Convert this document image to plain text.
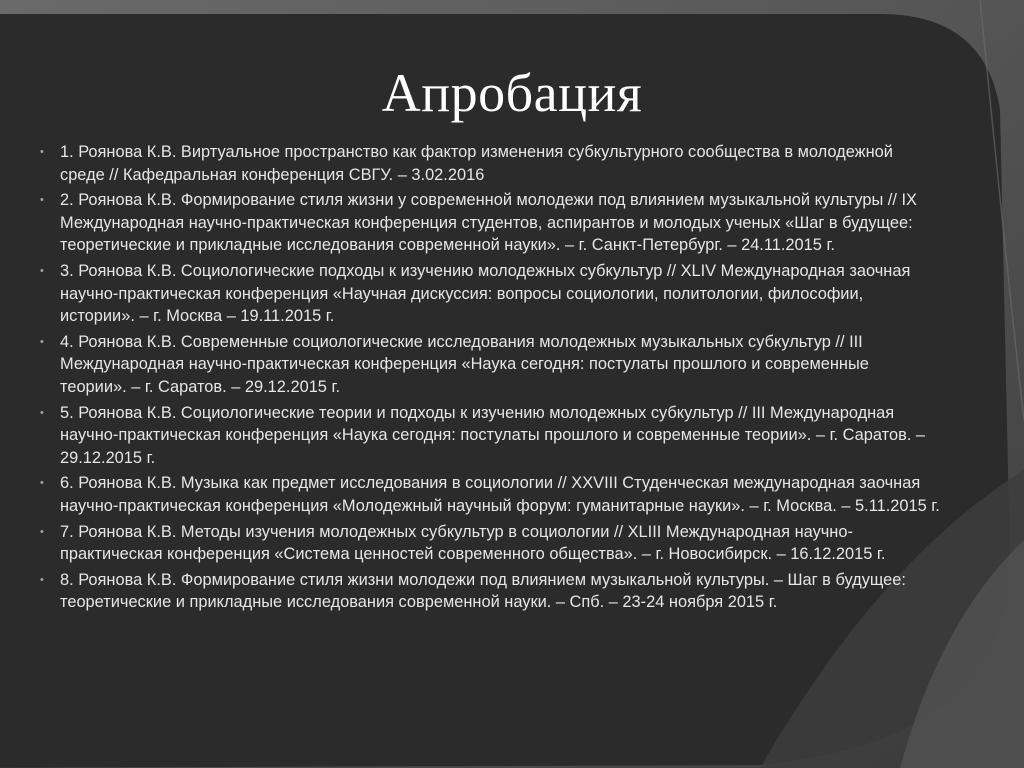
Апробация
• 1. Роянова К.В. Виртуальное пространство как фактор изменения субкультурного сообщества в молодежной среде // Кафедральная конференция СВГУ. – 3.02.2016
• 2. Роянова К.В. Формирование стиля жизни у современной молодежи под влиянием музыкальной культуры // IX Международная научно-практическая конференция студентов, аспирантов и молодых ученых «Шаг в будущее: теоретические и прикладные исследования современной науки». – г. Санкт-Петербург. – 24.11.2015 г.
• 3. Роянова К.В. Социологические подходы к изучению молодежных субкультур // XLIV Международная заочная научно-практическая конференция «Научная дискуссия: вопросы социологии, политологии, философии, истории». – г. Москва – 19.11.2015 г.
• 4. Роянова К.В. Современные социологические исследования молодежных музыкальных субкультур // III Международная научно-практическая конференция «Наука сегодня: постулаты прошлого и современные теории». – г. Саратов. – 29.12.2015 г.
• 5. Роянова К.В. Социологические теории и подходы к изучению молодежных субкультур // III Международная научно-практическая конференция «Наука сегодня: постулаты прошлого и современные теории». – г. Саратов. – 29.12.2015 г.
• 6. Роянова К.В. Музыка как предмет исследования в социологии // XXVIII Студенческая международная заочная научно-практическая конференция «Молодежный научный форум: гуманитарные науки». – г. Москва. – 5.11.2015 г.
• 7. Роянова К.В. Методы изучения молодежных субкультур в социологии // XLIII Международная научно-практическая конференция «Система ценностей современного общества». – г. Новосибирск. – 16.12.2015 г.
• 8. Роянова К.В. Формирование стиля жизни молодежи под влиянием музыкальной культуры. – Шаг в будущее: теоретические и прикладные исследования современной науки. – Спб. – 23-24 ноября 2015 г.
